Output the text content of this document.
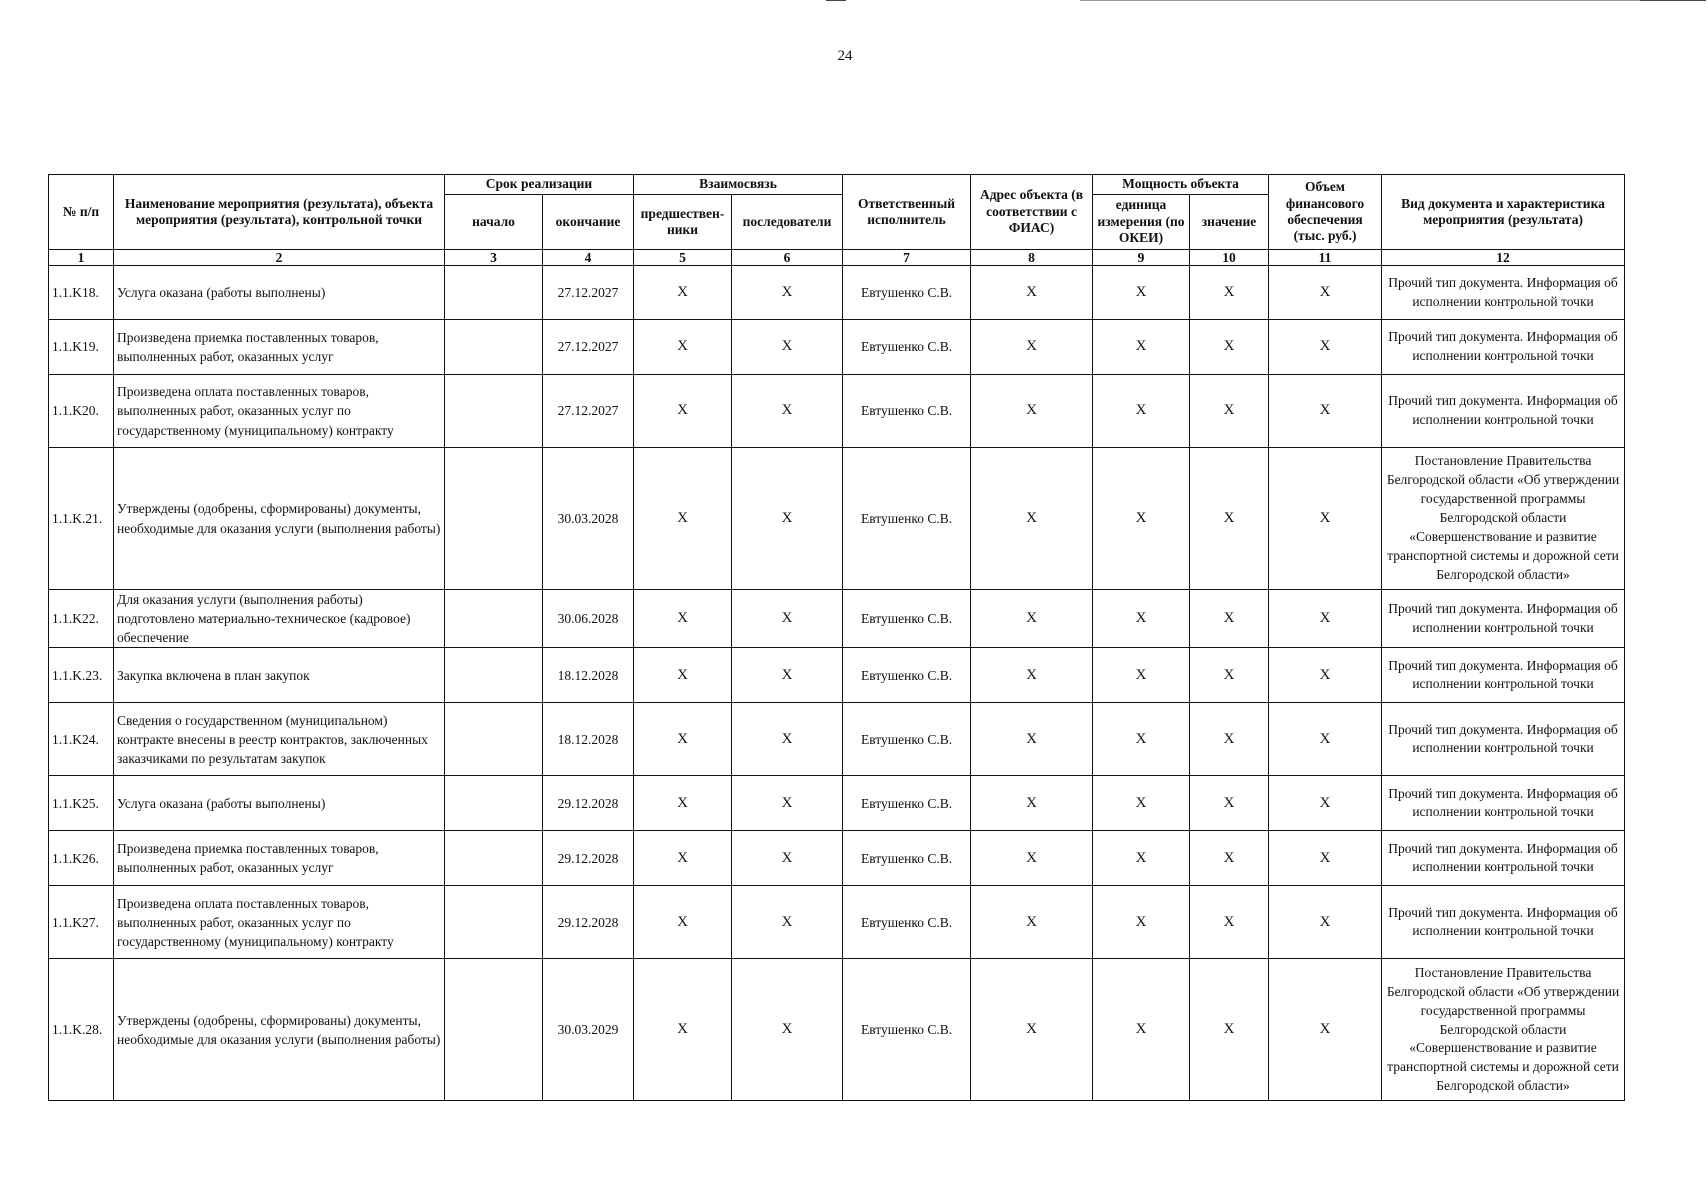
24
№ п/п	Наименование мероприятия (результата), объекта мероприятия (результата), контрольной точки	Срок реализации		Взаимосвязь		Ответственный исполнитель	Адрес объекта (в соответствии с ФИАС)	Мощность объекта		Объем финансового обеспечения (тыс. руб.)	Вид документа и характеристика мероприятия (результата)
		начало	окончание	предшествен-ники	последователи			единица измерения (по ОКЕИ)	значение		
1	2	3	4	5	6	7	8	9	10	11	12
1.1.K18.	Услуга оказана (работы выполнены)		27.12.2027	X	X	Евтушенко С.В.	X	X	X	X	Прочий тип документа. Информация об исполнении контрольной точки
1.1.K19.	Произведена приемка поставленных товаров, выполненных работ, оказанных услуг		27.12.2027	X	X	Евтушенко С.В.	X	X	X	X	Прочий тип документа. Информация об исполнении контрольной точки
1.1.K20.	Произведена оплата поставленных товаров, выполненных работ, оказанных услуг по государственному (муниципальному) контракту		27.12.2027	X	X	Евтушенко С.В.	X	X	X	X	Прочий тип документа. Информация об исполнении контрольной точки
1.1.K.21.	Утверждены (одобрены, сформированы) документы, необходимые для оказания услуги (выполнения работы)		30.03.2028	X	X	Евтушенко С.В.	X	X	X	X	Постановление Правительства Белгородской области «Об утверждении государственной программы Белгородской области «Совершенствование и развитие транспортной системы и дорожной сети Белгородской области»
1.1.K22.	Для оказания услуги (выполнения работы) подготовлено материально-техническое (кадровое) обеспечение		30.06.2028	X	X	Евтушенко С.В.	X	X	X	X	Прочий тип документа. Информация об исполнении контрольной точки
1.1.K.23.	Закупка включена в план закупок		18.12.2028	X	X	Евтушенко С.В.	X	X	X	X	Прочий тип документа. Информация об исполнении контрольной точки
1.1.K24.	Сведения о государственном (муниципальном) контракте внесены в реестр контрактов, заключенных заказчиками по результатам закупок		18.12.2028	X	X	Евтушенко С.В.	X	X	X	X	Прочий тип документа. Информация об исполнении контрольной точки
1.1.K25.	Услуга оказана (работы выполнены)		29.12.2028	X	X	Евтушенко С.В.	X	X	X	X	Прочий тип документа. Информация об исполнении контрольной точки
1.1.K26.	Произведена приемка поставленных товаров, выполненных работ, оказанных услуг		29.12.2028	X	X	Евтушенко С.В.	X	X	X	X	Прочий тип документа. Информация об исполнении контрольной точки
1.1.K27.	Произведена оплата поставленных товаров, выполненных работ, оказанных услуг по государственному (муниципальному) контракту		29.12.2028	X	X	Евтушенко С.В.	X	X	X	X	Прочий тип документа. Информация об исполнении контрольной точки
1.1.K.28.	Утверждены (одобрены, сформированы) документы, необходимые для оказания услуги (выполнения работы)		30.03.2029	X	X	Евтушенко С.В.	X	X	X	X	Постановление Правительства Белгородской области «Об утверждении государственной программы Белгородской области «Совершенствование и развитие транспортной системы и дорожной сети Белгородской области»
